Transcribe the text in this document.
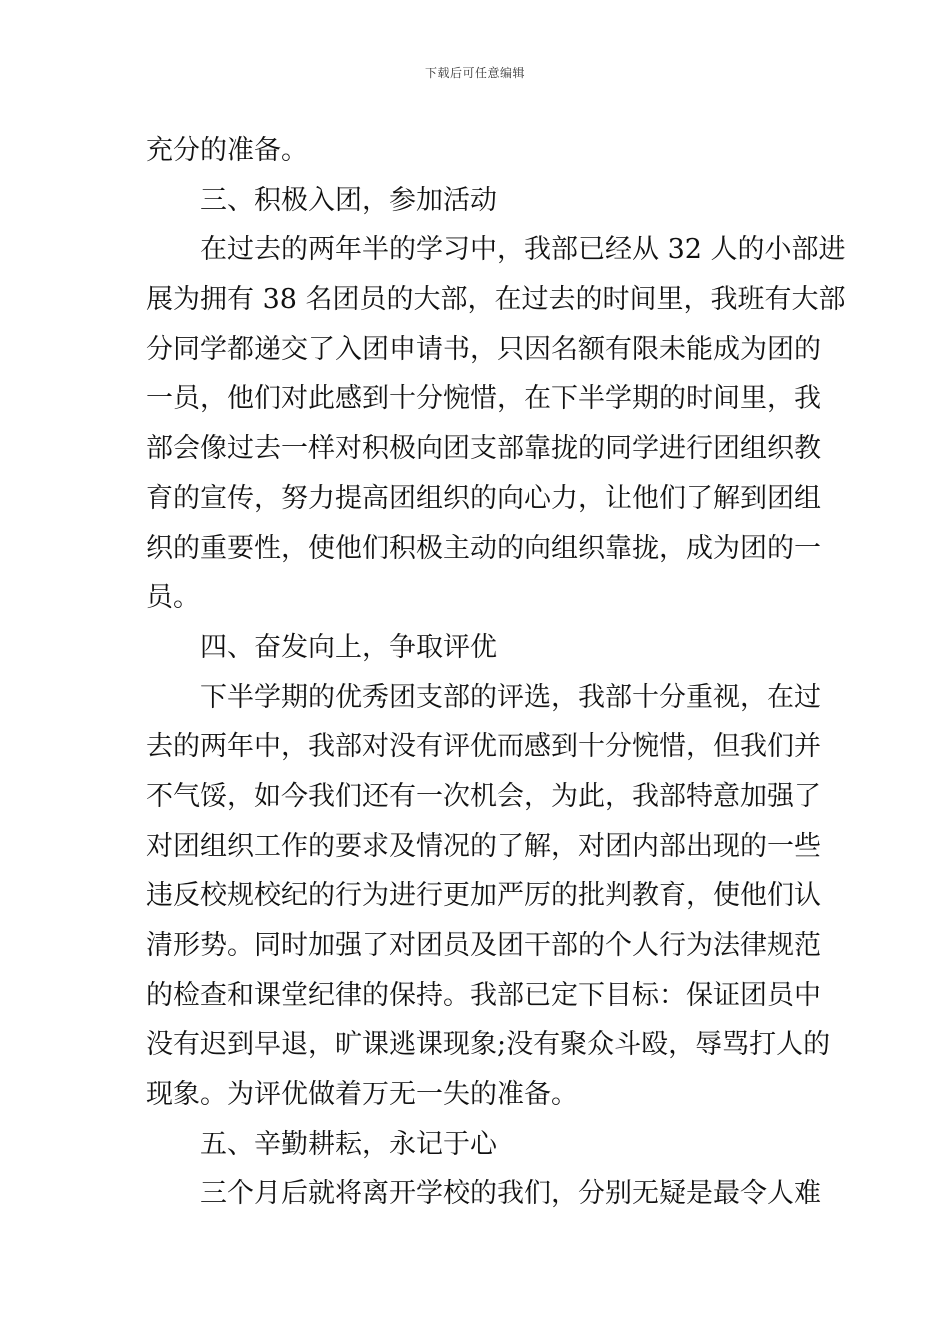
下载后可任意编辑
充分的准备。
三、积极入团，参加活动
在过去的两年半的学习中，我部已经从 32 人的小部进
展为拥有 38 名团员的大部，在过去的时间里，我班有大部
分同学都递交了入团申请书，只因名额有限未能成为团的
一员，他们对此感到十分惋惜，在下半学期的时间里，我
部会像过去一样对积极向团支部靠拢的同学进行团组织教
育的宣传，努力提高团组织的向心力，让他们了解到团组
织的重要性，使他们积极主动的向组织靠拢，成为团的一
员。
四、奋发向上，争取评优
下半学期的优秀团支部的评选，我部十分重视，在过
去的两年中，我部对没有评优而感到十分惋惜，但我们并
不气馁，如今我们还有一次机会，为此，我部特意加强了
对团组织工作的要求及情况的了解，对团内部出现的一些
违反校规校纪的行为进行更加严厉的批判教育，使他们认
清形势。同时加强了对团员及团干部的个人行为法律规范
的检查和课堂纪律的保持。我部已定下目标：保证团员中
没有迟到早退，旷课逃课现象;没有聚众斗殴，辱骂打人的
现象。为评优做着万无一失的准备。
五、辛勤耕耘，永记于心
三个月后就将离开学校的我们，分别无疑是最令人难
